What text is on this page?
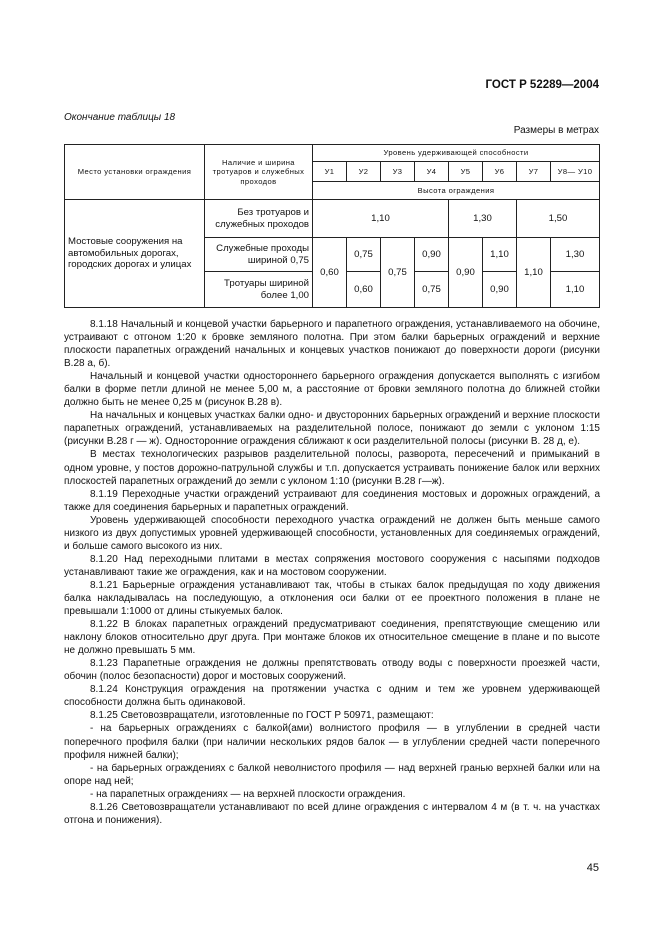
ГОСТ Р 52289—2004
Окончание таблицы 18
Размеры в метрах
Место установки ограждения	Наличие и ширина тротуаров и служебных проходов	Уровень удерживающей способности							
		У1	У2	У3	У4	У5	У6	У7	У8— У10
		Высота ограждения							
Мостовые сооружения на автомобильных дорогах, городских дорогах и улицах	Без тротуаров и служебных проходов	1,10				1,30		1,50	
	Служебные проходы шириной 0,75	0,60	0,75	0,75	0,90	0,90	1,10	1,10	1,30
	Тротуары шириной более 1,00		0,60		0,75		0,90		1,10

8.1.18 Начальный и концевой участки барьерного и парапетного ограждения, устанавливаемого на обочине, устраивают с отгоном 1:20 к бровке земляного полотна. При этом балки барьерных ограждений и верхние плоскости парапетных ограждений начальных и концевых участков понижают до поверхности дороги (рисунки В.28 а, б).

Начальный и концевой участки одностороннего барьерного ограждения допускается выполнять с изгибом балки в форме петли длиной не менее 5,00 м, а расстояние от бровки земляного полотна до ближней стойки должно быть не менее 0,25 м (рисунок В.28 в).

На начальных и концевых участках балки одно- и двусторонних барьерных ограждений и верхние плоскости парапетных ограждений, устанавливаемых на разделительной полосе, понижают до земли с уклоном 1:15 (рисунки В.28 г — ж). Односторонние ограждения сближают к оси разделительной полосы (рисунки В. 28 д, е).

В местах технологических разрывов разделительной полосы, разворота, пересечений и примыканий в одном уровне, у постов дорожно-патрульной службы и т.п. допускается устраивать понижение балок или верхних плоскостей парапетных ограждений до земли с уклоном 1:10 (рисунки В.28 г—ж).

8.1.19 Переходные участки ограждений устраивают для соединения мостовых и дорожных ограждений, а также для соединения барьерных и парапетных ограждений.

Уровень удерживающей способности переходного участка ограждений не должен быть меньше самого низкого из двух допустимых уровней удерживающей способности, установленных для соединяемых ограждений, и больше самого высокого из них.

8.1.20 Над переходными плитами в местах сопряжения мостового сооружения с насыпями подходов устанавливают такие же ограждения, как и на мостовом сооружении.

8.1.21 Барьерные ограждения устанавливают так, чтобы в стыках балок предыдущая по ходу движения балка накладывалась на последующую, а отклонения оси балки от ее проектного положения в плане не превышали 1:1000 от длины стыкуемых балок.

8.1.22 В блоках парапетных ограждений предусматривают соединения, препятствующие смещению или наклону блоков относительно друг друга. При монтаже блоков их относительное смещение в плане и по высоте не должно превышать 5 мм.

8.1.23 Парапетные ограждения не должны препятствовать отводу воды с поверхности проезжей части, обочин (полос безопасности) дорог и мостовых сооружений.

8.1.24 Конструкция ограждения на протяжении участка с одним и тем же уровнем удерживающей способности должна быть одинаковой.

8.1.25 Световозвращатели, изготовленные по ГОСТ Р 50971, размещают:

- на барьерных ограждениях с балкой(ами) волнистого профиля — в углублении в средней части поперечного профиля балки (при наличии нескольких рядов балок — в углублении средней части поперечного профиля нижней балки);

- на барьерных ограждениях с балкой неволнистого профиля — над верхней гранью верхней балки или на опоре над ней;

- на парапетных ограждениях — на верхней плоскости ограждения.

8.1.26 Световозвращатели устанавливают по всей длине ограждения с интервалом 4 м (в т. ч. на участках отгона и понижения).

45
